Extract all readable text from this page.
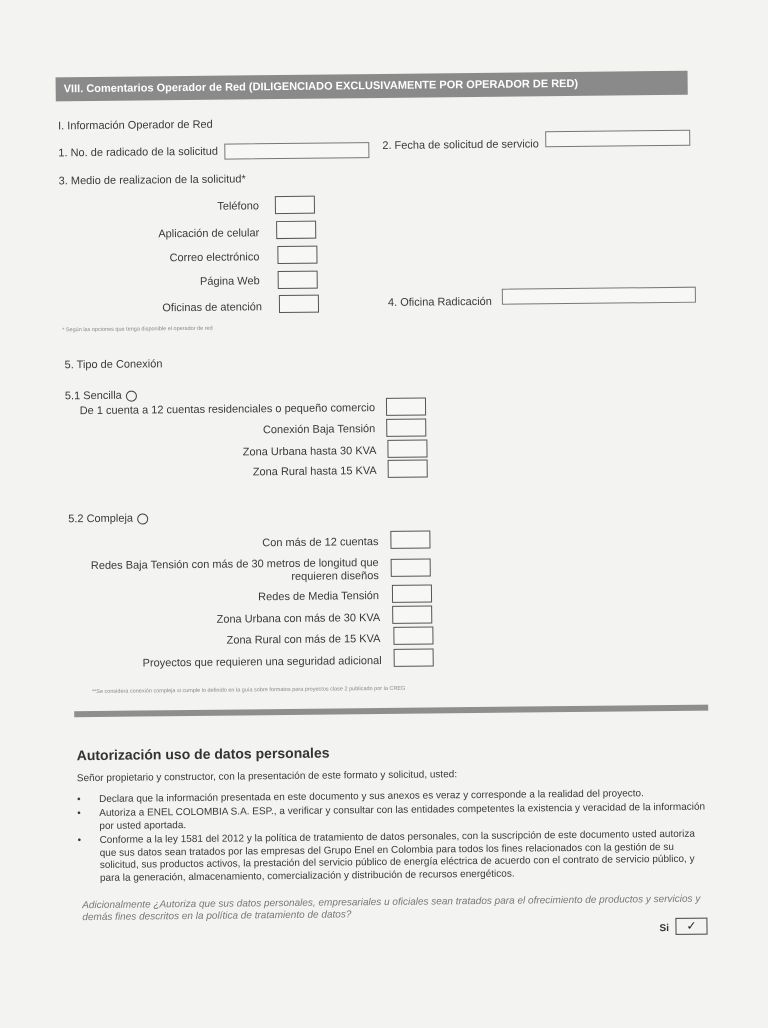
VIII. Comentarios Operador de Red (DILIGENCIADO EXCLUSIVAMENTE POR OPERADOR DE RED)
I. Información Operador de Red
1. No. de radicado de la solicitud
2. Fecha de solicitud de servicio
3. Medio de realizacion de la solicitud*
Teléfono
Aplicación de celular
Correo electrónico
Página Web
Oficinas de atención	4. Oficina Radicación
* Según las opciones que tenga disponible el operador de red
5. Tipo de Conexión
5.1 Sencilla
De 1 cuenta a 12 cuentas residenciales o pequeño comercio
Conexión Baja Tensión
Zona Urbana hasta 30 KVA
Zona Rural hasta 15 KVA
5.2 Compleja
Con más de 12 cuentas
Redes Baja Tensión con más de 30 metros de longitud que
requieren diseños
Redes de Media Tensión
Zona Urbana con más de 30 KVA
Zona Rural con más de 15 KVA
Proyectos que requieren una seguridad adicional
**Se considera conexión compleja si cumple lo definido en la guía sobre formatos para proyectos clase 2 publicado por la CREG
Autorización uso de datos personales
Señor propietario y constructor, con la presentación de este formato y solicitud, usted:
• Declara que la información presentada en este documento y sus anexos es veraz y corresponde a la realidad del proyecto.
• Autoriza a ENEL COLOMBIA S.A. ESP., a verificar y consultar con las entidades competentes la existencia y veracidad de la información por usted aportada.
• Conforme a la ley 1581 del 2012 y la política de tratamiento de datos personales, con la suscripción de este documento usted autoriza que sus datos sean tratados por las empresas del Grupo Enel en Colombia para todos los fines relacionados con la gestión de su solicitud, sus productos activos, la prestación del servicio público de energía eléctrica de acuerdo con el contrato de servicio público, y para la generación, almacenamiento, comercialización y distribución de recursos energéticos.
Adicionalmente ¿Autoriza que sus datos personales, empresariales u oficiales sean tratados para el ofrecimiento de productos y servicios y demás fines descritos en la política de tratamiento de datos?
Si	✓
